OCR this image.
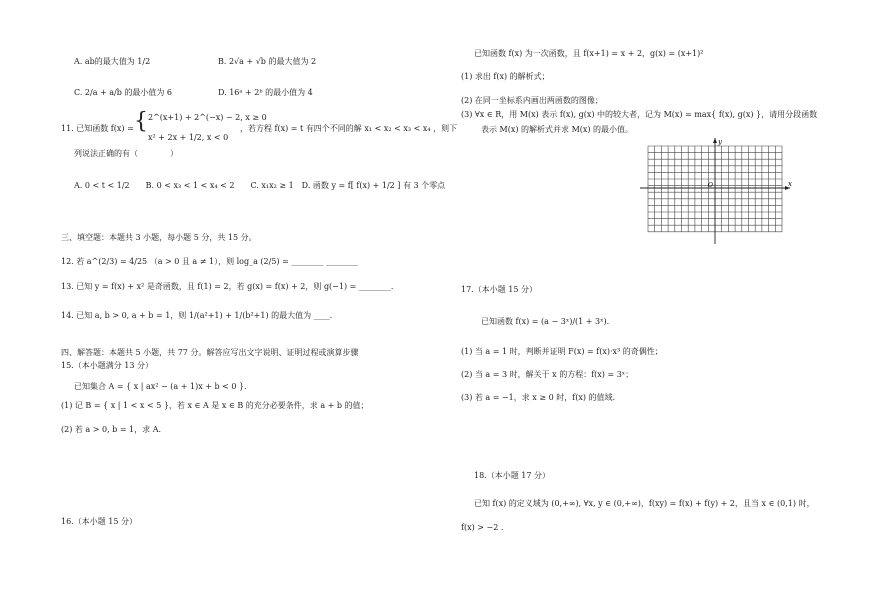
A. ab的最大值为 1/2	B. 2√a + √b 的最大值为 2
C. 2/a + a/b 的最小值为 6	D. 16ᵃ + 2ᵇ 的最小值为 4
11. 已知函数 f(x) = { 2^(x+1) + 2^(−x) − 2, x ≥ 0
x² + 2x + 1/2, x < 0
，若方程 f(x) = t 有四个不同的解 x₁ < x₂ < x₃ < x₄ ，则下
列说法正确的有（　　　　）
A. 0 < t < 1/2　　B. 0 < x₃ < 1 < x₄ < 2　　C. x₁x₂ ≥ 1　D. 函数 y = f[ f(x) + 1/2 ] 有 3 个零点
三、填空题：本题共 3 小题，每小题 5 分，共 15 分。
12. 若 a^(2/3) = 4/25 （a > 0 且 a ≠ 1），则 log_a (2/5) = ________ ________
13. 已知 y = f(x) + x² 是奇函数，且 f(1) = 2，若 g(x) = f(x) + 2，则 g(−1) = ________.
14. 已知 a, b > 0, a + b = 1，则 1/(a²+1) + 1/(b²+1) 的最大值为 ____.
四、解答题：本题共 5 小题，共 77 分。解答应写出文字说明、证明过程或演算步骤
15.（本小题满分 13 分）
已知集合 A = { x | ax² − (a + 1)x + b < 0 }.
(1) 记 B = { x | 1 < x < 5 }，若 x ∈ A 是 x ∈ B 的充分必要条件，求 a + b 的值；
(2) 若 a > 0, b = 1，求 A.
16.（本小题 15 分）
已知函数 f(x) 为一次函数，且 f(x+1) = x + 2，g(x) = (x+1)²
(1) 求出 f(x) 的解析式；
(2) 在同一坐标系内画出两函数的图像；
(3) ∀x ∈ R，用 M(x) 表示 f(x), g(x) 中的较大者，记为 M(x) = max{ f(x), g(x) }，请用分段函数
表示 M(x) 的解析式并求 M(x) 的最小值。
x
y
O
17.（本小题 15 分）
已知函数 f(x) = (a − 3ˣ)/(1 + 3ˣ).
(1) 当 a = 1 时，判断并证明 F(x) = f(x)·x³ 的奇偶性；
(2) 当 a = 3 时，解关于 x 的方程：f(x) = 3ˣ；
(3) 若 a = −1，求 x ≥ 0 时，f(x) 的值域.
18.（本小题 17 分）
已知 f(x) 的定义域为 (0,+∞), ∀x, y ∈ (0,+∞)，f(xy) = f(x) + f(y) + 2，且当 x ∈ (0,1) 时，
f(x) > −2 .
